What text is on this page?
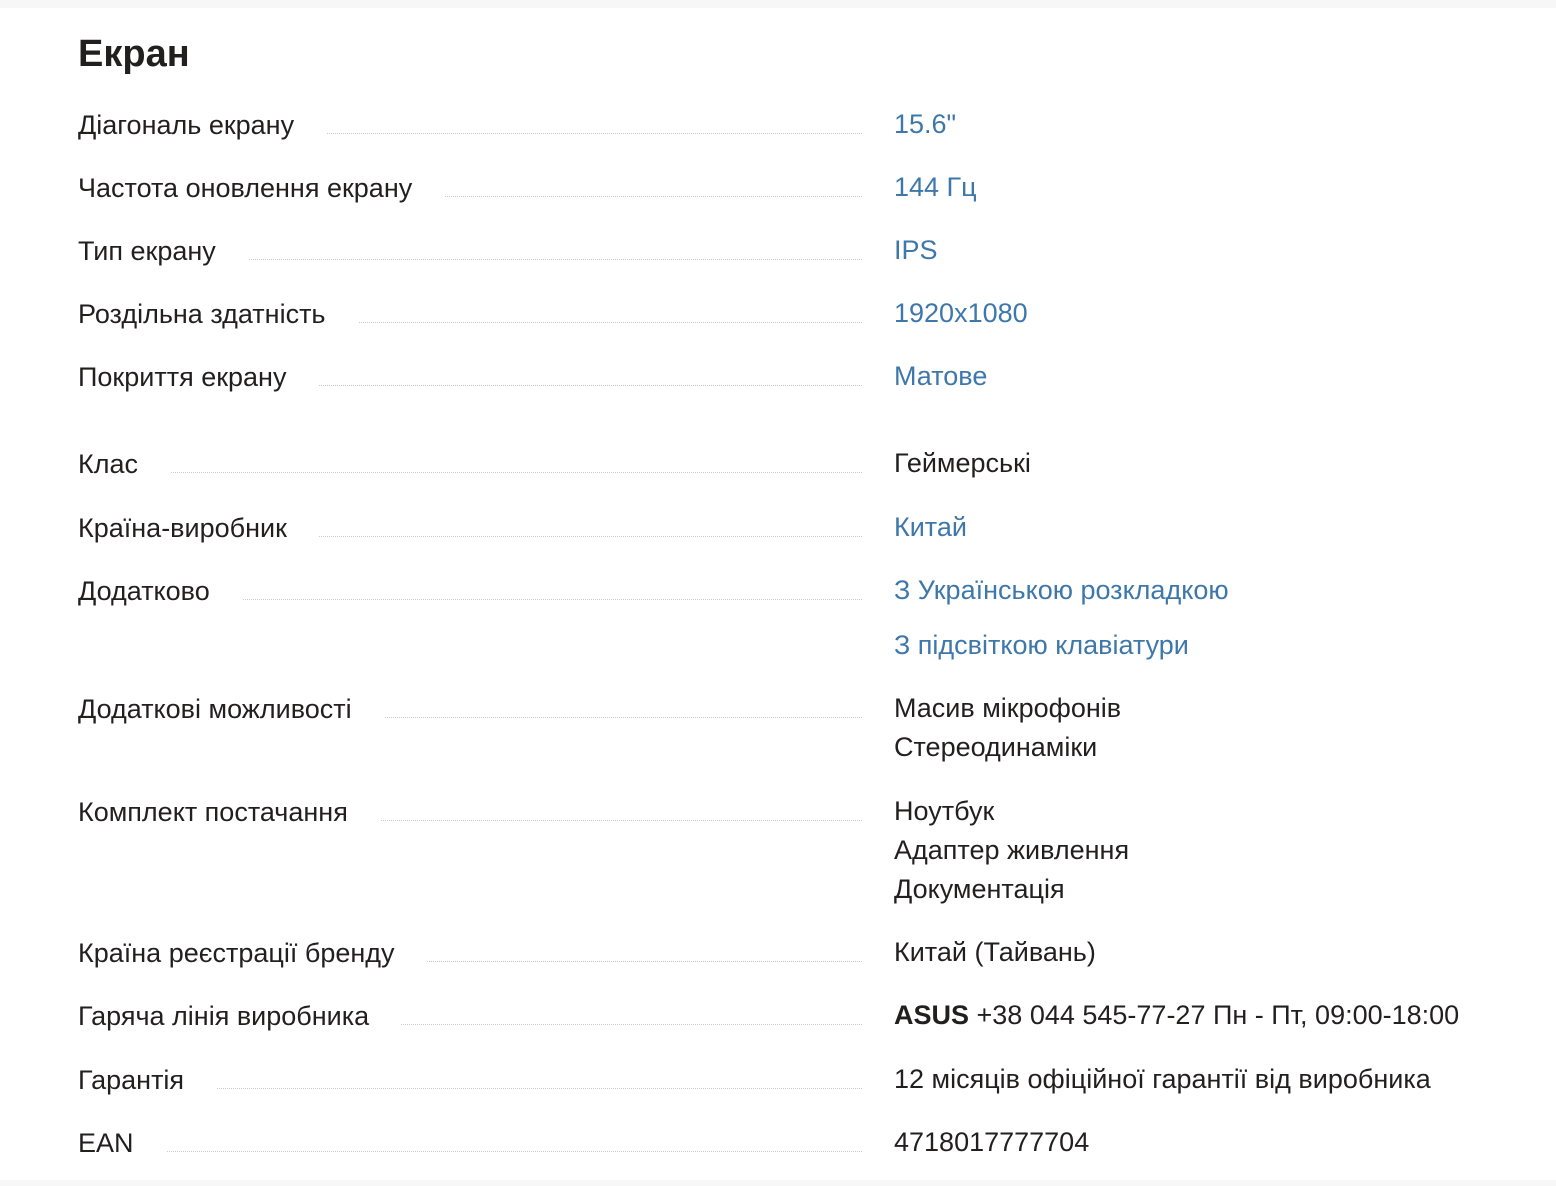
Екран
Діагональ екрану	15.6"
Частота оновлення екрану	144 Гц
Тип екрану	IPS
Роздільна здатність	1920x1080
Покриття екрану	Матове
Клас	Геймерські
Країна-виробник	Китай
Додатково	З Українською розкладкою
З підсвіткою клавіатури
Додаткові можливості	Масив мікрофонів
Стереодинаміки
Комплект постачання	Ноутбук
Адаптер живлення
Документація
Країна реєстрації бренду	Китай (Тайвань)
Гаряча лінія виробника	ASUS +38 044 545-77-27 Пн - Пт, 09:00-18:00
Гарантія	12 місяців офіційної гарантії від виробника
EAN	4718017777704
